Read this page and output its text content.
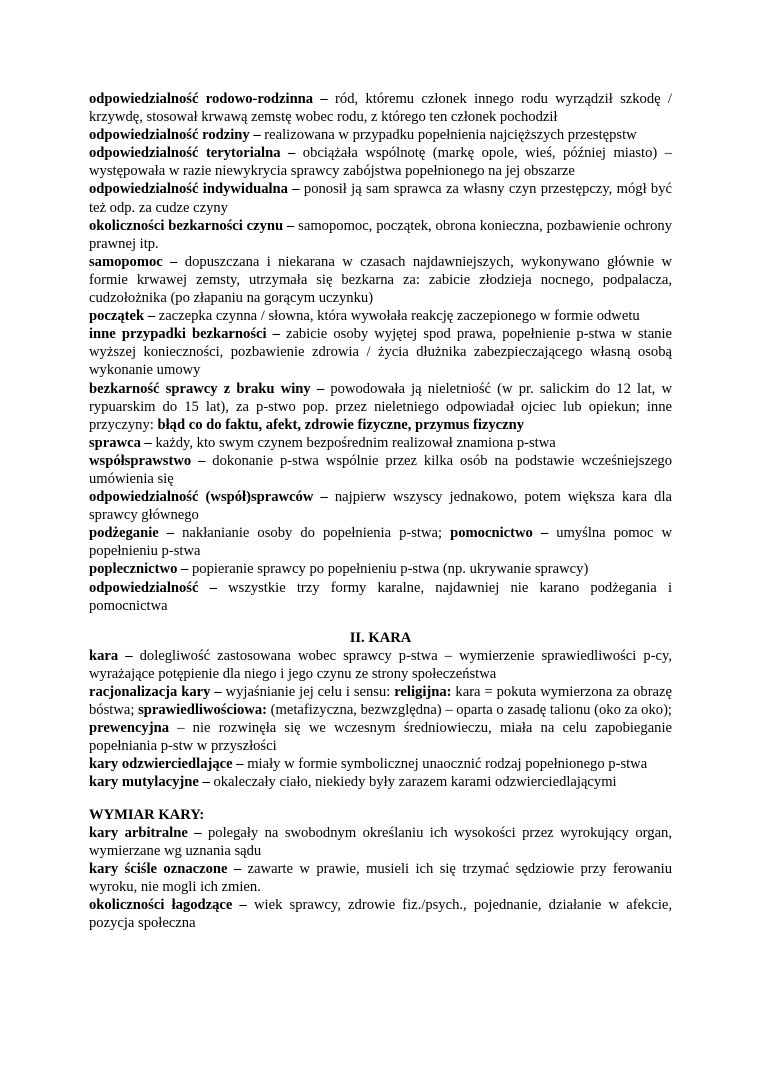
odpowiedzialność rodowo-rodzinna – ród, któremu członek innego rodu wyrządził szkodę / krzywdę, stosował krwawą zemstę wobec rodu, z którego ten członek pochodził

odpowiedzialność rodziny – realizowana w przypadku popełnienia najcięższych przestępstw

odpowiedzialność terytorialna – obciążała wspólnotę (markę opole, wieś, później miasto) – występowała w razie niewykrycia sprawcy zabójstwa popełnionego na jej obszarze

odpowiedzialność indywidualna – ponosił ją sam sprawca za własny czyn przestępczy, mógł być też odp. za cudze czyny

okoliczności bezkarności czynu – samopomoc, początek, obrona konieczna, pozbawienie ochrony prawnej itp.

samopomoc – dopuszczana i niekarana w czasach najdawniejszych, wykonywano głównie w formie krwawej zemsty, utrzymała się bezkarna za: zabicie złodzieja nocnego, podpalacza, cudzołożnika (po złapaniu na gorącym uczynku)

początek – zaczepka czynna / słowna, która wywołała reakcję zaczepionego w formie odwetu

inne przypadki bezkarności – zabicie osoby wyjętej spod prawa, popełnienie p-stwa w stanie wyższej konieczności, pozbawienie zdrowia / życia dłużnika zabezpieczającego własną osobą wykonanie umowy

bezkarność sprawcy z braku winy – powodowała ją nieletniość (w pr. salickim do 12 lat, w rypuarskim do 15 lat), za p-stwo pop. przez nieletniego odpowiadał ojciec lub opiekun; inne przyczyny: błąd co do faktu, afekt, zdrowie fizyczne, przymus fizyczny

sprawca – każdy, kto swym czynem bezpośrednim realizował znamiona p-stwa

współsprawstwo – dokonanie p-stwa wspólnie przez kilka osób na podstawie wcześniejszego umówienia się

odpowiedzialność (współ)sprawców – najpierw wszyscy jednakowo, potem większa kara dla sprawcy głównego

podżeganie – nakłanianie osoby do popełnienia p-stwa; pomocnictwo – umyślna pomoc w popełnieniu p-stwa

poplecznictwo – popieranie sprawcy po popełnieniu p-stwa (np. ukrywanie sprawcy)

odpowiedzialność – wszystkie trzy formy karalne, najdawniej nie karano podżegania i pomocnictwa

II. KARA

kara – dolegliwość zastosowana wobec sprawcy p-stwa – wymierzenie sprawiedliwości p-cy, wyrażające potępienie dla niego i jego czynu ze strony społeczeństwa

racjonalizacja kary – wyjaśnianie jej celu i sensu: religijna: kara = pokuta wymierzona za obrazę bóstwa; sprawiedliwościowa: (metafizyczna, bezwzględna) – oparta o zasadę talionu (oko za oko); prewencyjna – nie rozwinęła się we wczesnym średniowieczu, miała na celu zapobieganie popełniania p-stw w przyszłości

kary odzwierciedlające – miały w formie symbolicznej unaocznić rodzaj popełnionego p-stwa

kary mutylacyjne – okaleczały ciało, niekiedy były zarazem karami odzwierciedlającymi

WYMIAR KARY:

kary arbitralne – polegały na swobodnym określaniu ich wysokości przez wyrokujący organ, wymierzane wg uznania sądu

kary ściśle oznaczone – zawarte w prawie, musieli ich się trzymać sędziowie przy ferowaniu wyroku, nie mogli ich zmien.

okoliczności łagodzące – wiek sprawcy, zdrowie fiz./psych., pojednanie, działanie w afekcie, pozycja społeczna
